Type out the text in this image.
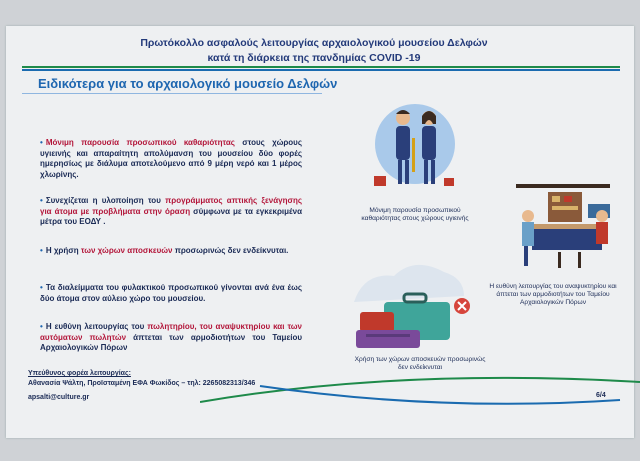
Πρωτόκολλο ασφαλούς λειτουργίας αρχαιολογικού μουσείου Δελφών
κατά τη διάρκεια της πανδημίας COVID -19
Ειδικότερα για το αρχαιολογικό μουσείο Δελφών
• Μόνιμη παρουσία προσωπικού καθαριότητας στους χώρους υγιεινής και απαραίτητη απολύμανση του μουσείου δύο φορές ημερησίως με διάλυμα αποτελούμενο από 9 μέρη νερό και 1 μέρος χλωρίνης.
• Συνεχίζεται η υλοποίηση του προγράμματος απτικής ξενάγησης για άτομα με προβλήματα στην όραση σύμφωνα με τα εγκεκριμένα μέτρα του ΕΟΔΥ .
• Η χρήση των χώρων αποσκευών προσωρινώς δεν ενδείκνυται.
• Τα διαλείμματα του φυλακτικού προσωπικού γίνονται ανά ένα έως δύο άτομα στον αύλειο χώρο του μουσείου.
• Η ευθύνη λειτουργίας του πωλητηρίου, του αναψυκτηρίου και των αυτόματων πωλητών άπτεται των αρμοδιοτήτων του Ταμείου Αρχαιολογικών Πόρων
Μόνιμη παρουσία προσωπικού
καθαριότητας στους χώρους υγιεινής
Η ευθύνη λειτουργίας του αναψυκτηρίου και
άπτεται των αρμοδιοτήτων του Ταμείου
Αρχαιολογικών Πόρων
Χρήση των χώρων αποσκευών προσωρινώς
δεν ενδείκνυται
Υπεύθυνος φορέα λειτουργίας:
Αθανασία Ψάλτη, Προϊσταμένη ΕΦΑ Φωκίδος – τηλ: 2265082313/346
apsalti@culture.gr	6/4
